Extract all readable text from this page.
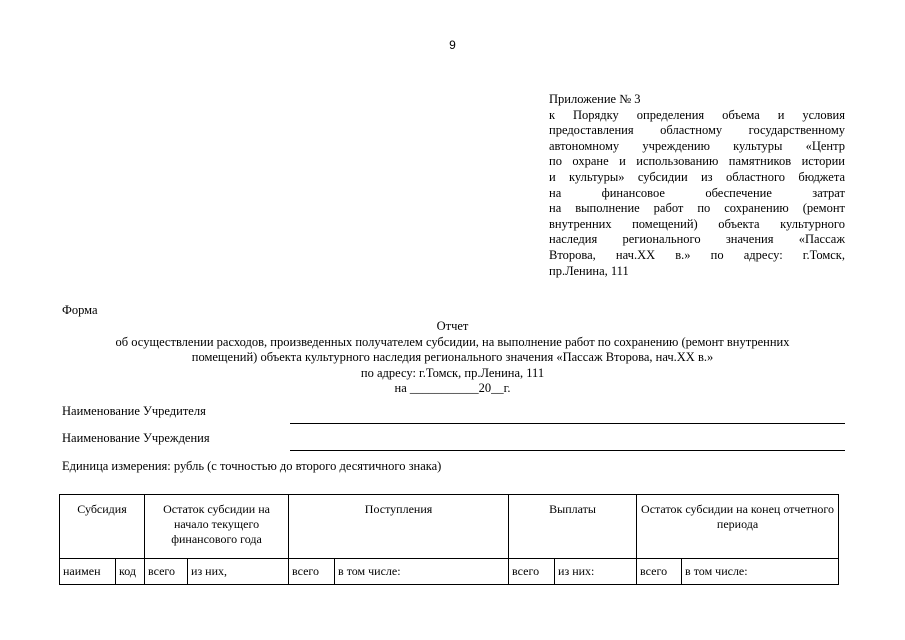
9
Приложение № 3
к Порядку определения объема и условия
предоставления областному государственному
автономному учреждению культуры «Центр
по охране и использованию памятников истории
и культуры» субсидии из областного бюджета
на финансовое обеспечение затрат
на выполнение работ по сохранению (ремонт
внутренних помещений) объекта культурного
наследия регионального значения «Пассаж
Второва, нач.XX в.» по адресу: г.Томск,
пр.Ленина, 111
Форма
Отчет
об осуществлении расходов, произведенных получателем субсидии, на выполнение работ по сохранению (ремонт внутренних
помещений) объекта культурного наследия регионального значения «Пассаж Второва, нач.XX в.»
по адресу: г.Томск, пр.Ленина, 111
на ___________20__г.
Наименование Учредителя
Наименование Учреждения
Единица измерения: рубль (с точностью до второго десятичного знака)
Субсидия		Остаток субсидии на начало текущего финансового года		Поступления		Выплаты		Остаток субсидии на конец отчетного периода	
наимен	код	всего	из них,	всего	в том числе:	всего	из них:	всего	в том числе:
